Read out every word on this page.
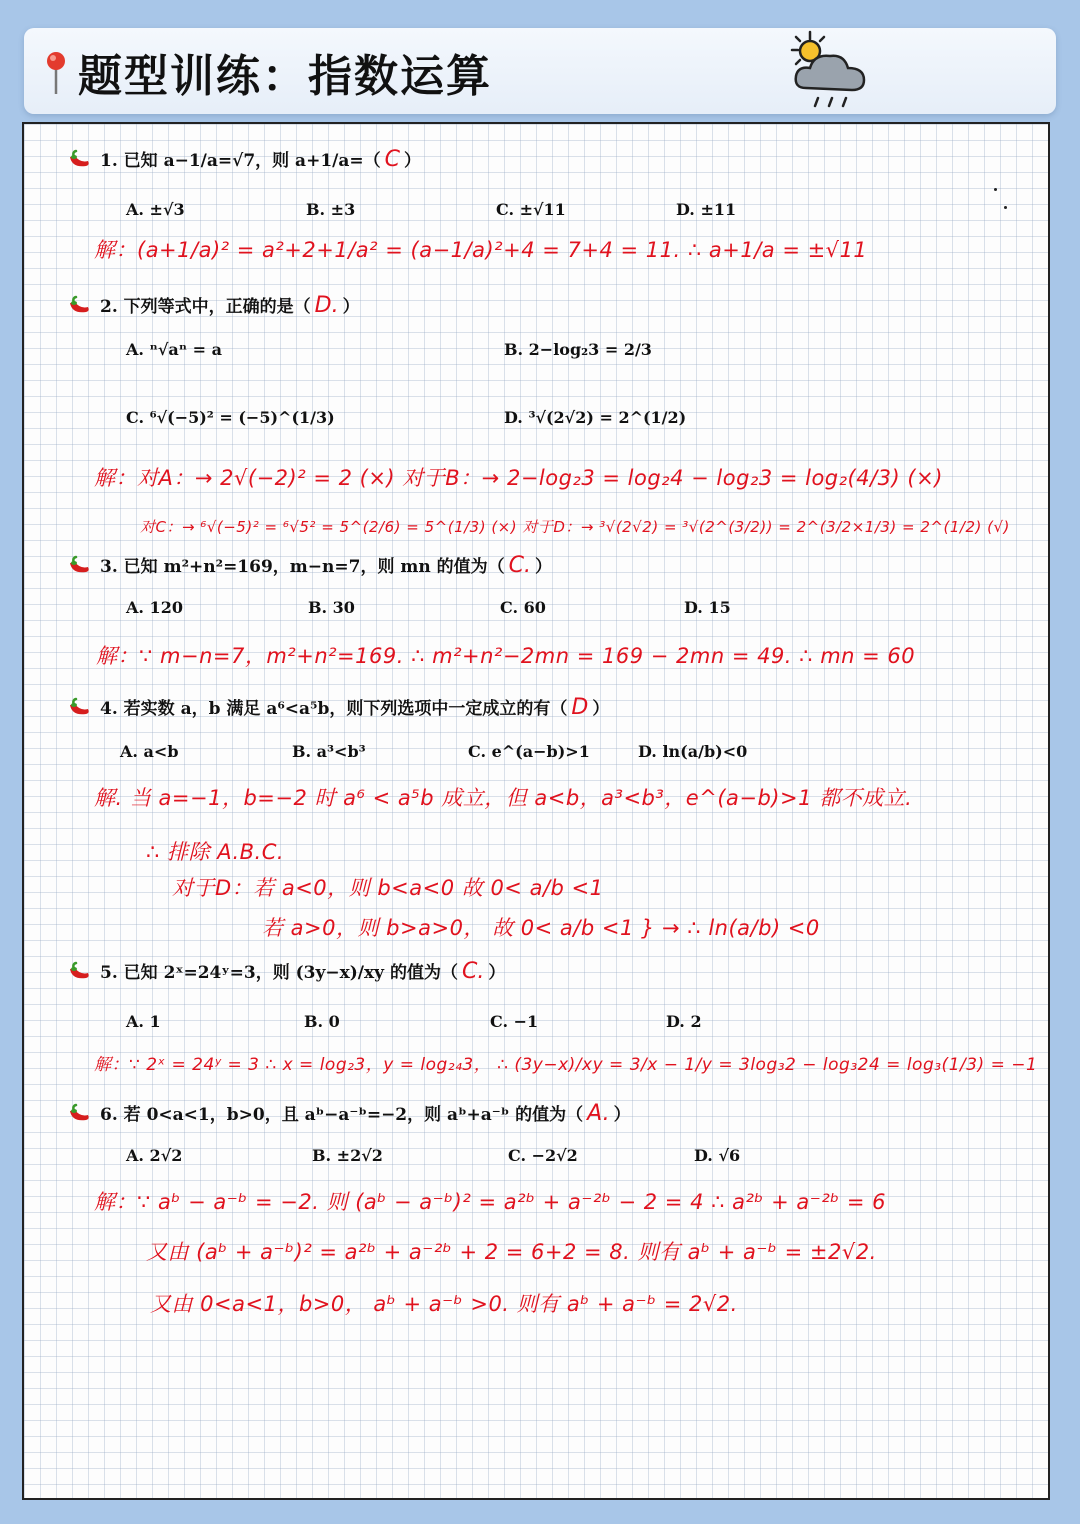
题型训练：指数运算
1. 已知 a−1/a=√7，则 a+1/a=（ C ）
A. ±√3	B. ±3	C. ±√11	D. ±11
解：(a+1/a)² = a²+2+1/a² = (a−1/a)²+4 = 7+4 = 11. ∴ a+1/a = ±√11
2. 下列等式中，正确的是（ D. ）
A. ⁿ√aⁿ = a	B. 2−log₂3 = 2/3
C. ⁶√(−5)² = (−5)^(1/3)	D. ³√(2√2) = 2^(1/2)
解：对A：→ 2√(−2)² = 2 (×) 对于B：→ 2−log₂3 = log₂4 − log₂3 = log₂(4/3) (×)
对C：→ ⁶√(−5)² = ⁶√5² = 5^(2/6) = 5^(1/3) (×) 对于D：→ ³√(2√2) = ³√(2^(3/2)) = 2^(3/2×1/3) = 2^(1/2) (√)
3. 已知 m²+n²=169，m−n=7，则 mn 的值为（ C. ）
A. 120	B. 30	C. 60	D. 15
解：∵ m−n=7，m²+n²=169. ∴ m²+n²−2mn = 169 − 2mn = 49. ∴ mn = 60
4. 若实数 a，b 满足 a⁶<a⁵b，则下列选项中一定成立的有（ D ）
A. a<b	B. a³<b³	C. e^(a−b)>1	D. ln(a/b)<0
解. 当 a=−1，b=−2 时 a⁶ < a⁵b 成立，但 a<b，a³<b³，e^(a−b)>1 都不成立.
∴ 排除 A.B.C.
对于D：若 a<0，则 b<a<0 故 0< a/b <1
若 a>0，则 b>a>0， 故 0< a/b <1 } → ∴ ln(a/b) <0
5. 已知 2ˣ=24ʸ=3，则 (3y−x)/xy 的值为（ C. ）
A. 1	B. 0	C. −1	D. 2
解：∵ 2ˣ = 24ʸ = 3 ∴ x = log₂3，y = log₂₄3， ∴ (3y−x)/xy = 3/x − 1/y = 3log₃2 − log₃24 = log₃(1/3) = −1
6. 若 0<a<1，b>0，且 aᵇ−a⁻ᵇ=−2，则 aᵇ+a⁻ᵇ 的值为（ A. ）
A. 2√2	B. ±2√2	C. −2√2	D. √6
解：∵ aᵇ − a⁻ᵇ = −2. 则 (aᵇ − a⁻ᵇ)² = a²ᵇ + a⁻²ᵇ − 2 = 4 ∴ a²ᵇ + a⁻²ᵇ = 6
又由 (aᵇ + a⁻ᵇ)² = a²ᵇ + a⁻²ᵇ + 2 = 6+2 = 8. 则有 aᵇ + a⁻ᵇ = ±2√2.
又由 0<a<1，b>0， aᵇ + a⁻ᵇ >0. 则有 aᵇ + a⁻ᵇ = 2√2.
